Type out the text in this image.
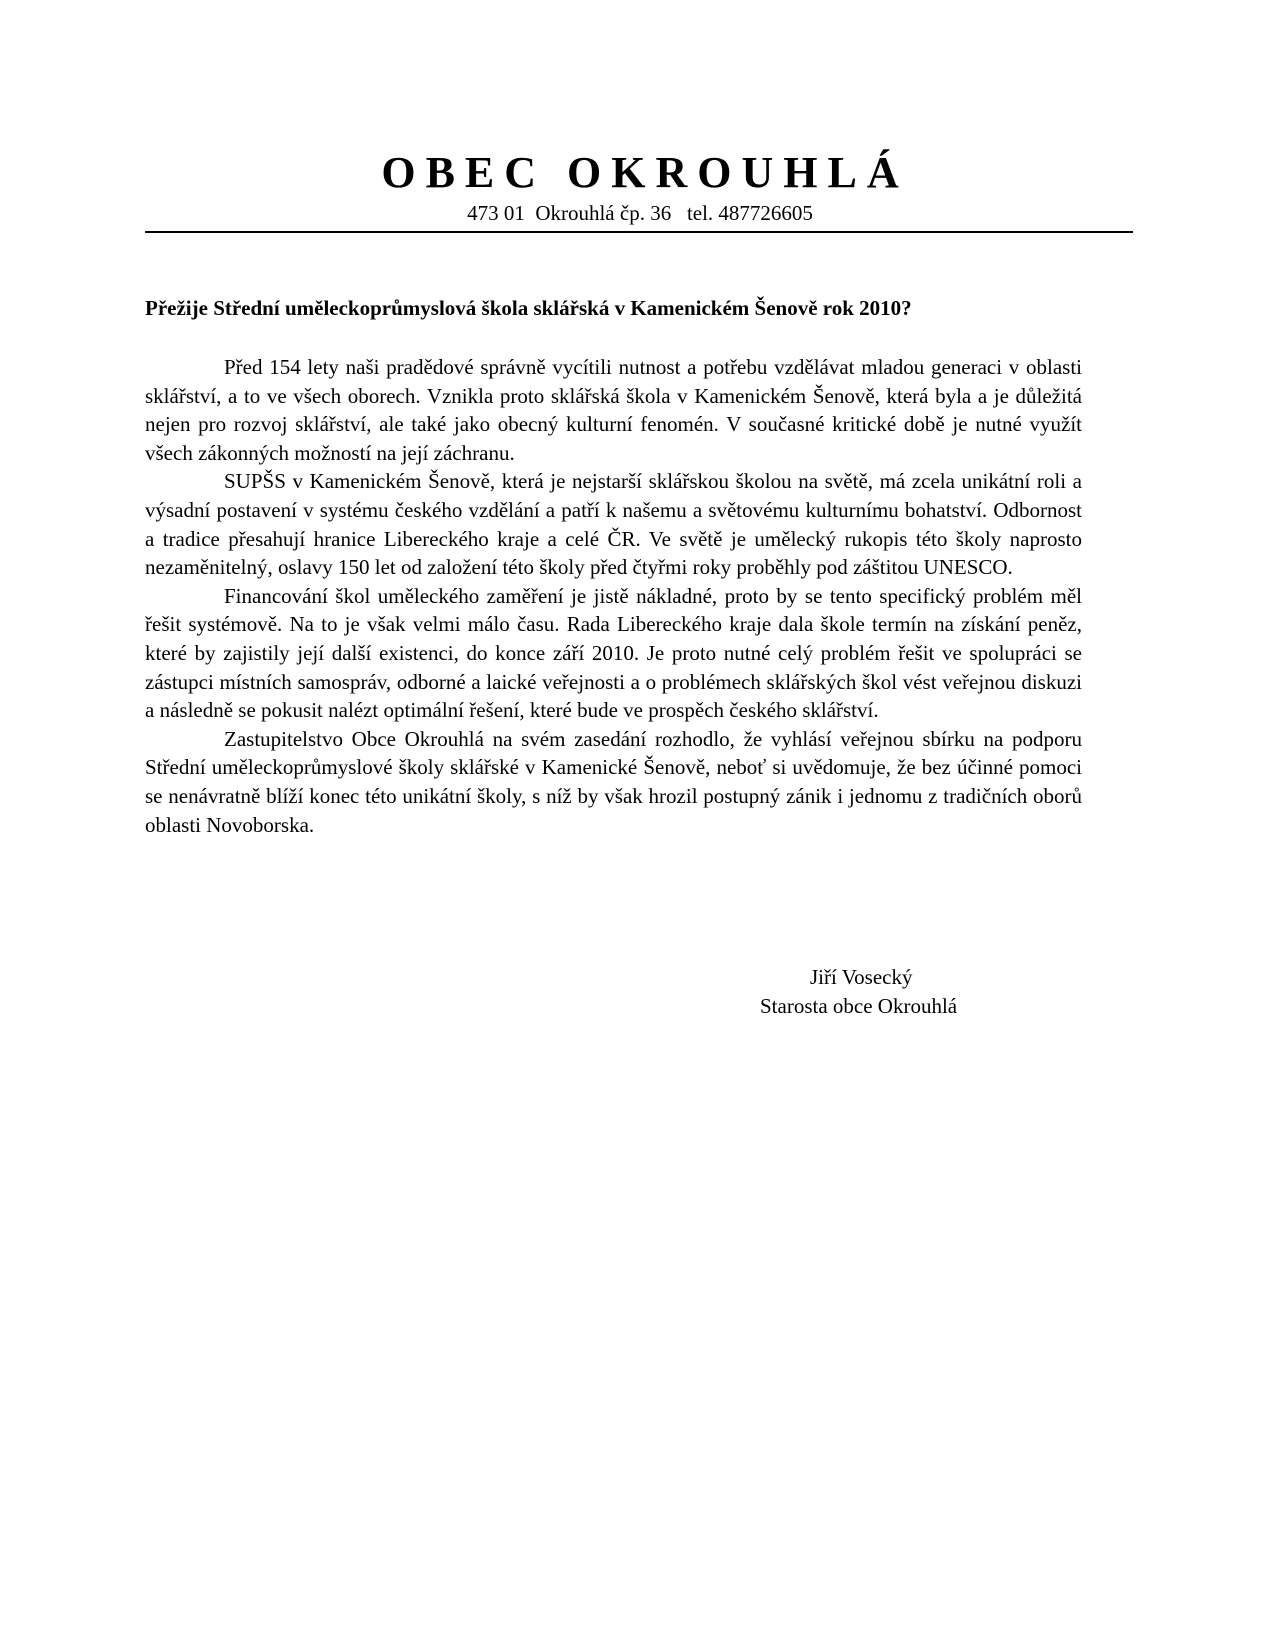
OBEC OKROUHLÁ
473 01  Okrouhlá čp. 36   tel. 487726605
Přežije Střední uměleckoprůmyslová škola sklářská v Kamenickém Šenově rok 2010?

Před 154 lety naši pradědové správně vycítili nutnost a potřebu vzdělávat mladou generaci v oblasti sklářství, a to ve všech oborech. Vznikla proto sklářská škola v Kamenickém Šenově, která byla a je důležitá nejen pro rozvoj sklářství, ale také jako obecný kulturní fenomén. V současné kritické době je nutné využít všech zákonných možností na její záchranu.

SUPŠS v Kamenickém Šenově, která je nejstarší sklářskou školou na světě, má zcela unikátní roli a výsadní postavení v systému českého vzdělání a patří k našemu a světovému kulturnímu bohatství. Odbornost a tradice přesahují hranice Libereckého kraje a celé ČR. Ve světě je umělecký rukopis této školy naprosto nezaměnitelný, oslavy 150 let od založení této školy před čtyřmi roky proběhly pod záštitou UNESCO.

Financování škol uměleckého zaměření je jistě nákladné, proto by se tento specifický problém měl řešit systémově. Na to je však velmi málo času. Rada Libereckého kraje dala škole termín na získání peněz, které by zajistily její další existenci, do konce září 2010. Je proto nutné celý problém řešit ve spolupráci se zástupci místních samospráv, odborné a laické veřejnosti a o problémech sklářských škol vést veřejnou diskuzi a následně se pokusit nalézt optimální řešení, které bude ve prospěch českého sklářství.

Zastupitelstvo Obce Okrouhlá na svém zasedání rozhodlo, že vyhlásí veřejnou sbírku na podporu Střední uměleckoprůmyslové školy sklářské v Kamenické Šenově, neboť si uvědomuje, že bez účinné pomoci se nenávratně blíží konec této unikátní školy, s níž by však hrozil postupný zánik i jednomu z tradičních oborů oblasti Novoborska.

Jiří Vosecký
Starosta obce Okrouhlá
